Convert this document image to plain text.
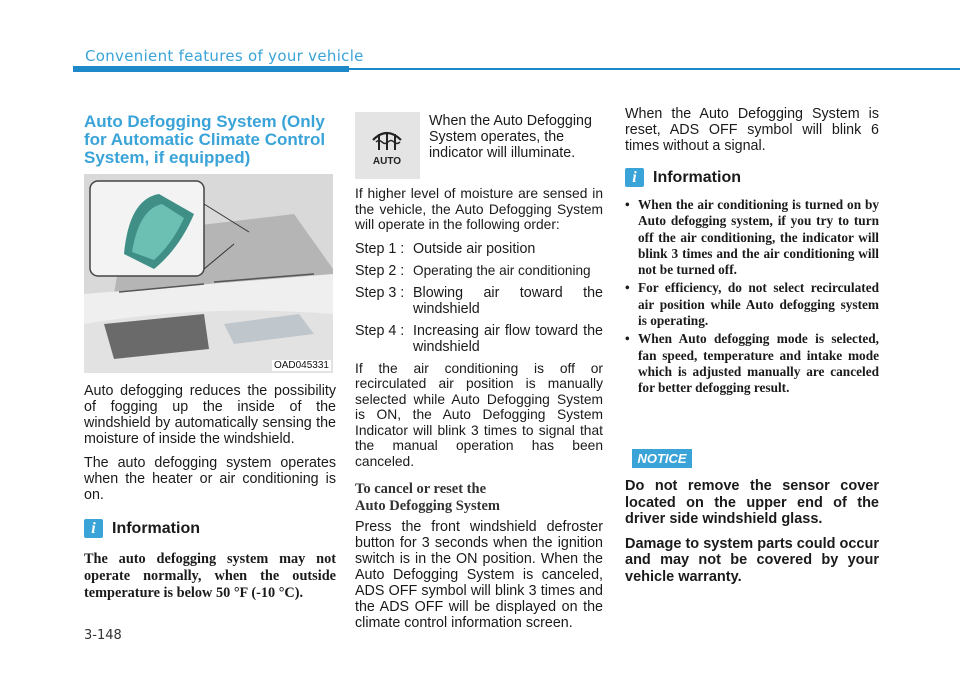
Convenient features of your vehicle
Auto Defogging System (Only for Automatic Climate Control System, if equipped)
OAD045331

Auto defogging reduces the possibility of fogging up the inside of the windshield by automatically sensing the moisture of inside the windshield.

The auto defogging system operates when the heater or air conditioning is on.

i	Information

The auto defogging system may not operate normally, when the outside temperature is below 50 °F (-10 °C).

AUTO

When the Auto Defogging System operates, the indicator will illuminate.

If higher level of moisture are sensed in the vehicle, the Auto Defogging System will operate in the following order:

Step 1 : Outside air position
Step 2 : Operating the air conditioning
Step 3 : Blowing air toward the windshield
Step 4 : Increasing air flow toward the windshield

If the air conditioning is off or recirculated air position is manually selected while Auto Defogging System is ON, the Auto Defogging System Indicator will blink 3 times to signal that the manual operation has been canceled.

To cancel or reset the
Auto Defogging System

Press the front windshield defroster button for 3 seconds when the ignition switch is in the ON position. When the Auto Defogging System is canceled, ADS OFF symbol will blink 3 times and the ADS OFF will be displayed on the climate control information screen.

When the Auto Defogging System is reset, ADS OFF symbol will blink 6 times without a signal.

i	Information
• When the air conditioning is turned on by Auto defogging system, if you try to turn off the air conditioning, the indicator will blink 3 times and the air conditioning will not be turned off.
• For efficiency, do not select recirculated air position while Auto defogging system is operating.
• When Auto defogging mode is selected, fan speed, temperature and intake mode which is adjusted manually are canceled for better defogging result.
NOTICE

Do not remove the sensor cover located on the upper end of the driver side windshield glass.

Damage to system parts could occur and may not be covered by your vehicle warranty.

3-148
